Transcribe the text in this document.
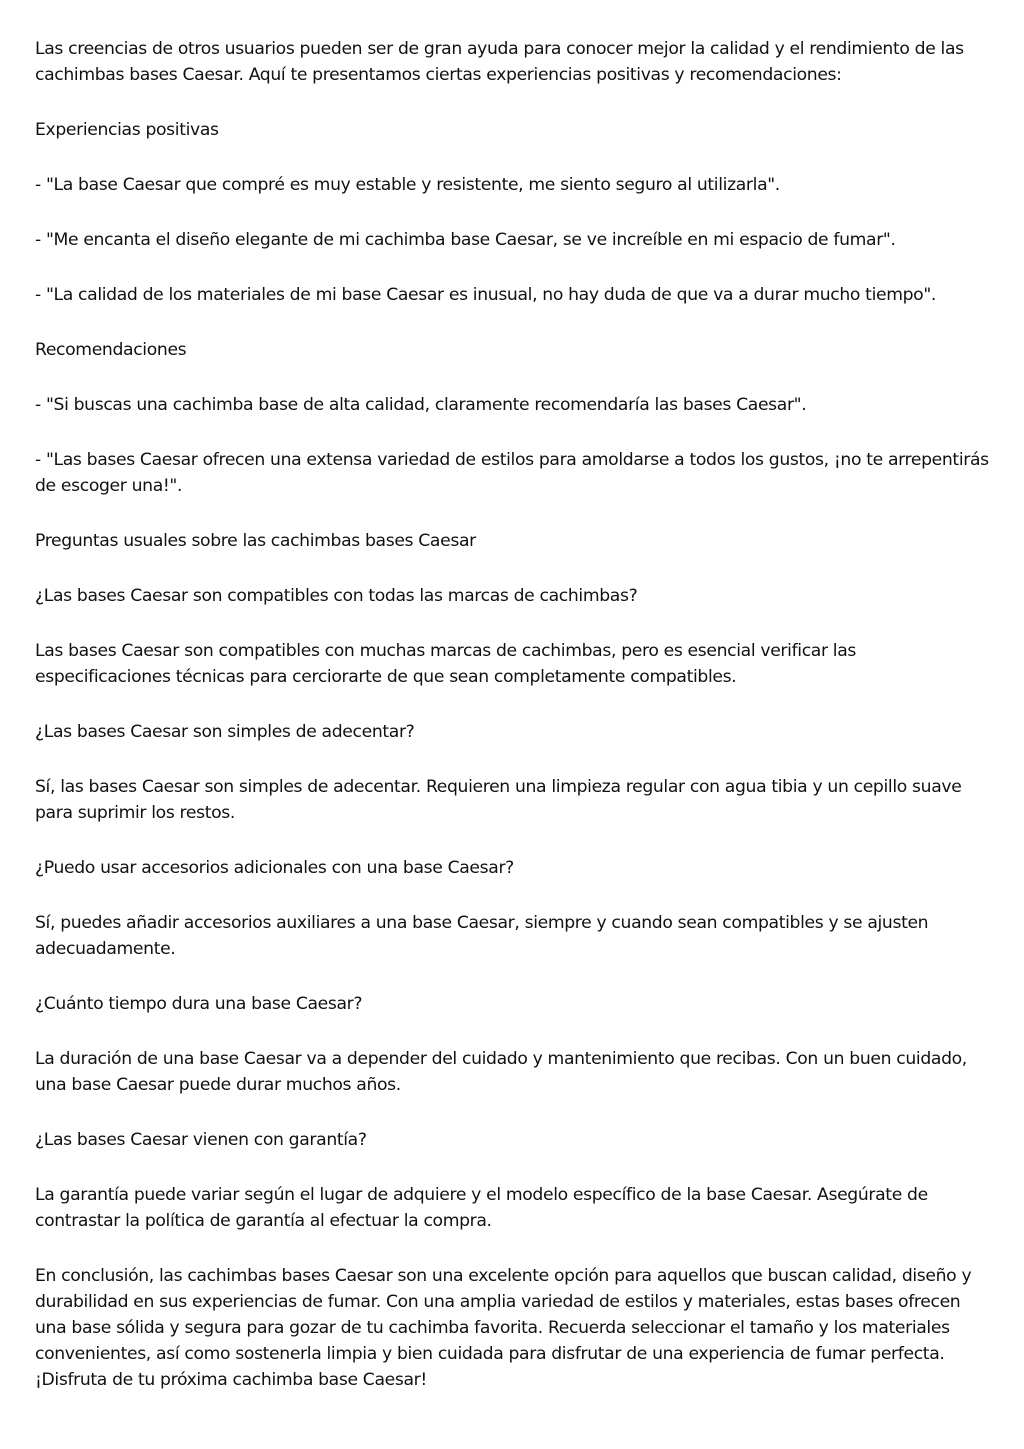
Las creencias de otros usuarios pueden ser de gran ayuda para conocer mejor la calidad y el rendimiento de las cachimbas bases Caesar. Aquí te presentamos ciertas experiencias positivas y recomendaciones:

Experiencias positivas

- "La base Caesar que compré es muy estable y resistente, me siento seguro al utilizarla".

- "Me encanta el diseño elegante de mi cachimba base Caesar, se ve increíble en mi espacio de fumar".

- "La calidad de los materiales de mi base Caesar es inusual, no hay duda de que va a durar mucho tiempo".

Recomendaciones

- "Si buscas una cachimba base de alta calidad, claramente recomendaría las bases Caesar".

- "Las bases Caesar ofrecen una extensa variedad de estilos para amoldarse a todos los gustos, ¡no te arrepentirás de escoger una!".

Preguntas usuales sobre las cachimbas bases Caesar

¿Las bases Caesar son compatibles con todas las marcas de cachimbas?

Las bases Caesar son compatibles con muchas marcas de cachimbas, pero es esencial verificar las especificaciones técnicas para cerciorarte de que sean completamente compatibles.

¿Las bases Caesar son simples de adecentar?

Sí, las bases Caesar son simples de adecentar. Requieren una limpieza regular con agua tibia y un cepillo suave para suprimir los restos.

¿Puedo usar accesorios adicionales con una base Caesar?

Sí, puedes añadir accesorios auxiliares a una base Caesar, siempre y cuando sean compatibles y se ajusten adecuadamente.

¿Cuánto tiempo dura una base Caesar?

La duración de una base Caesar va a depender del cuidado y mantenimiento que recibas. Con un buen cuidado, una base Caesar puede durar muchos años.

¿Las bases Caesar vienen con garantía?

La garantía puede variar según el lugar de adquiere y el modelo específico de la base Caesar. Asegúrate de contrastar la política de garantía al efectuar la compra.

En conclusión, las cachimbas bases Caesar son una excelente opción para aquellos que buscan calidad, diseño y durabilidad en sus experiencias de fumar. Con una amplia variedad de estilos y materiales, estas bases ofrecen una base sólida y segura para gozar de tu cachimba favorita. Recuerda seleccionar el tamaño y los materiales convenientes, así como sostenerla limpia y bien cuidada para disfrutar de una experiencia de fumar perfecta. ¡Disfruta de tu próxima cachimba base Caesar!
